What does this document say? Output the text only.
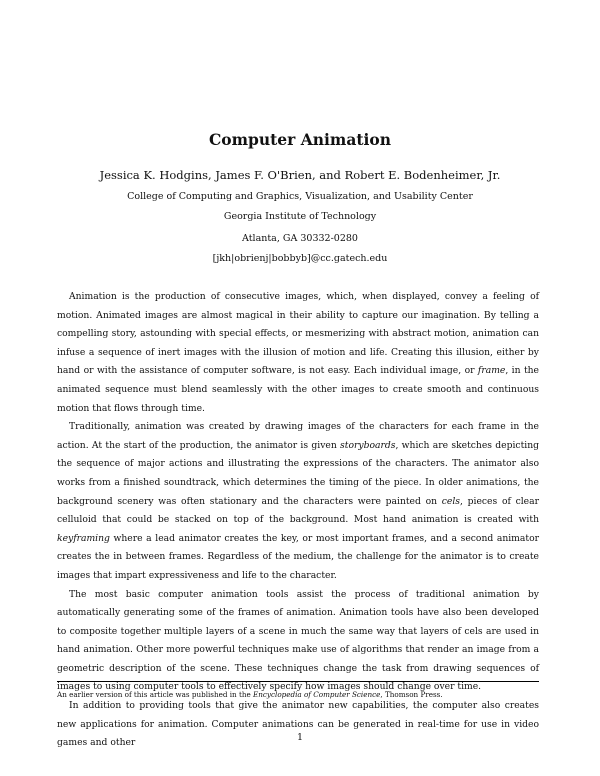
Computer Animation
Jessica K. Hodgins, James F. O'Brien, and Robert E. Bodenheimer, Jr.
College of Computing and Graphics, Visualization, and Usability Center
Georgia Institute of Technology
Atlanta, GA 30332-0280
[jkh|obrienj|bobbyb]@cc.gatech.edu

Animation is the production of consecutive images, which, when displayed, convey a feeling of motion. Animated images are almost magical in their ability to capture our imagination. By telling a compelling story, astounding with special effects, or mesmerizing with abstract motion, animation can infuse a sequence of inert images with the illusion of motion and life. Creating this illusion, either by hand or with the assistance of computer software, is not easy. Each individual image, or frame, in the animated sequence must blend seamlessly with the other images to create smooth and continuous motion that flows through time.

Traditionally, animation was created by drawing images of the characters for each frame in the action. At the start of the production, the animator is given storyboards, which are sketches depicting the sequence of major actions and illustrating the expressions of the characters. The animator also works from a finished soundtrack, which determines the timing of the piece. In older animations, the background scenery was often stationary and the characters were painted on cels, pieces of clear celluloid that could be stacked on top of the background. Most hand animation is created with keyframing where a lead animator creates the key, or most important frames, and a second animator creates the in between frames. Regardless of the medium, the challenge for the animator is to create images that impart expressiveness and life to the character.

The most basic computer animation tools assist the process of traditional animation by automatically generating some of the frames of animation. Animation tools have also been developed to composite together multiple layers of a scene in much the same way that layers of cels are used in hand animation. Other more powerful techniques make use of algorithms that render an image from a geometric description of the scene. These techniques change the task from drawing sequences of images to using computer tools to effectively specify how images should change over time.

In addition to providing tools that give the animator new capabilities, the computer also creates new applications for animation. Computer animations can be generated in real-time for use in video games and other

An earlier version of this article was published in the Encyclopedia of Computer Science, Thomson Press.
1
